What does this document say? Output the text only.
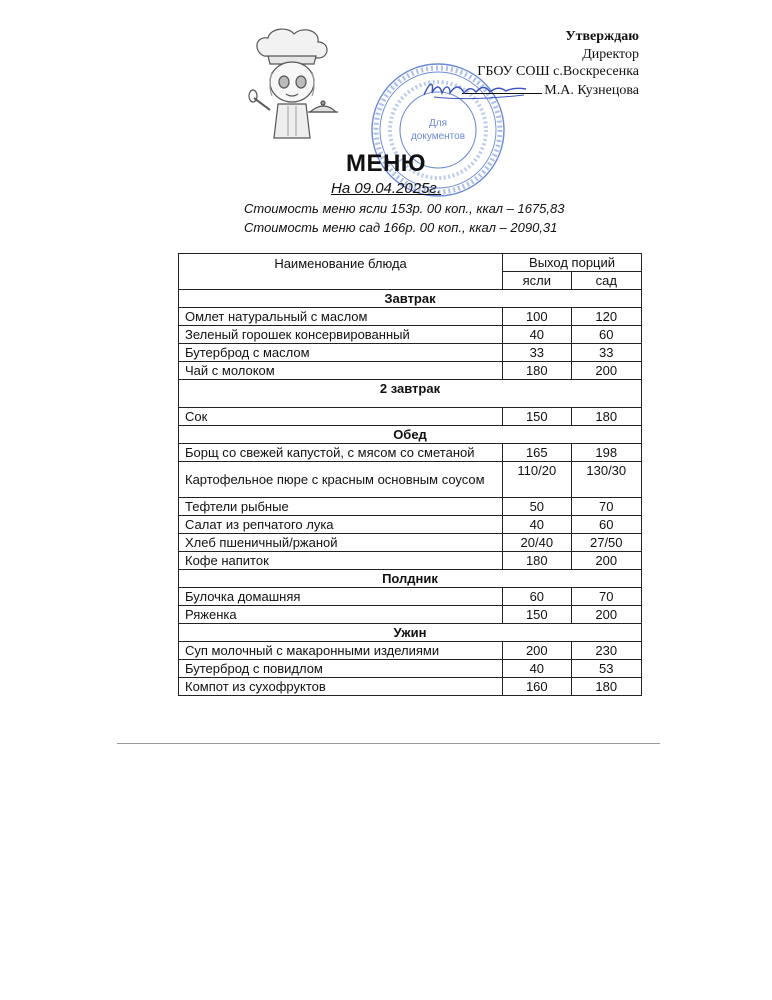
Для
документов
Утверждаю
Директор
ГБОУ СОШ с.Воскресенка
М.А. Кузнецова
МЕНЮ
На 09.04.2025г.
Стоимость меню ясли 153р. 00 коп., ккал – 1675,83
Стоимость меню сад 166р. 00 коп., ккал – 2090,31
Наименование блюда	Выход порций	
	ясли	сад
Завтрак		
Омлет натуральный с маслом	100	120
Зеленый горошек консервированный	40	60
Бутерброд с маслом	33	33
Чай с молоком	180	200
2 завтрак		
Сок	150	180
Обед		
Борщ со свежей капустой, с мясом со сметаной	165	198
Картофельное пюре с красным основным соусом	110/20	130/30
Тефтели рыбные	50	70
Салат из репчатого лука	40	60
Хлеб пшеничный/ржаной	20/40	27/50
Кофе напиток	180	200
Полдник		
Булочка домашняя	60	70
Ряженка	150	200
Ужин		
Суп молочный с макаронными изделиями	200	230
Бутерброд с повидлом	40	53
Компот из сухофруктов	160	180
